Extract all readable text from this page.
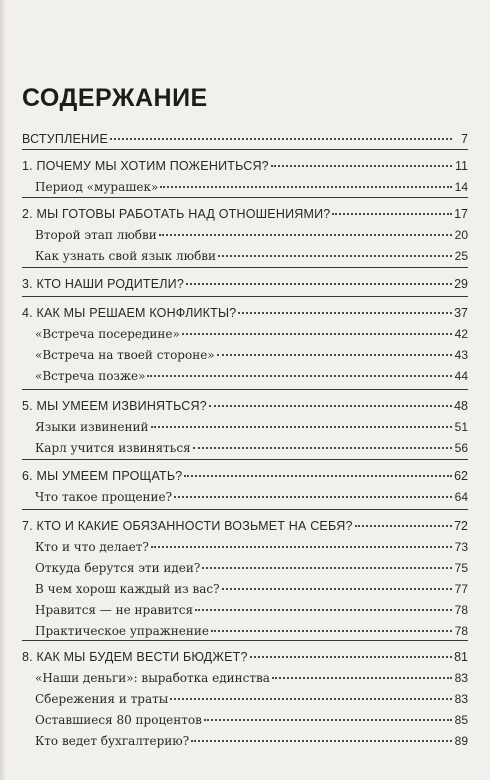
СОДЕРЖАНИЕ
ВСТУПЛЕНИЕ	7
1. ПОЧЕМУ МЫ ХОТИМ ПОЖЕНИТЬСЯ?	11
Период «мурашек»	14
2. МЫ ГОТОВЫ РАБОТАТЬ НАД ОТНОШЕНИЯМИ?	17
Второй этап любви	20
Как узнать свой язык любви	25
3. КТО НАШИ РОДИТЕЛИ?	29
4. КАК МЫ РЕШАЕМ КОНФЛИКТЫ?	37
«Встреча посередине»	42
«Встреча на твоей стороне»	43
«Встреча позже»	44
5. МЫ УМЕЕМ ИЗВИНЯТЬСЯ?	48
Языки извинений	51
Карл учится извиняться	56
6. МЫ УМЕЕМ ПРОЩАТЬ?	62
Что такое прощение?	64
7. КТО И КАКИЕ ОБЯЗАННОСТИ ВОЗЬМЕТ НА СЕБЯ?	72
Кто и что делает?	73
Откуда берутся эти идеи?	75
В чем хорош каждый из вас?	77
Нравится — не нравится	78
Практическое упражнение	78
8. КАК МЫ БУДЕМ ВЕСТИ БЮДЖЕТ?	81
«Наши деньги»: выработка единства	83
Сбережения и траты	83
Оставшиеся 80 процентов	85
Кто ведет бухгалтерию?	89
